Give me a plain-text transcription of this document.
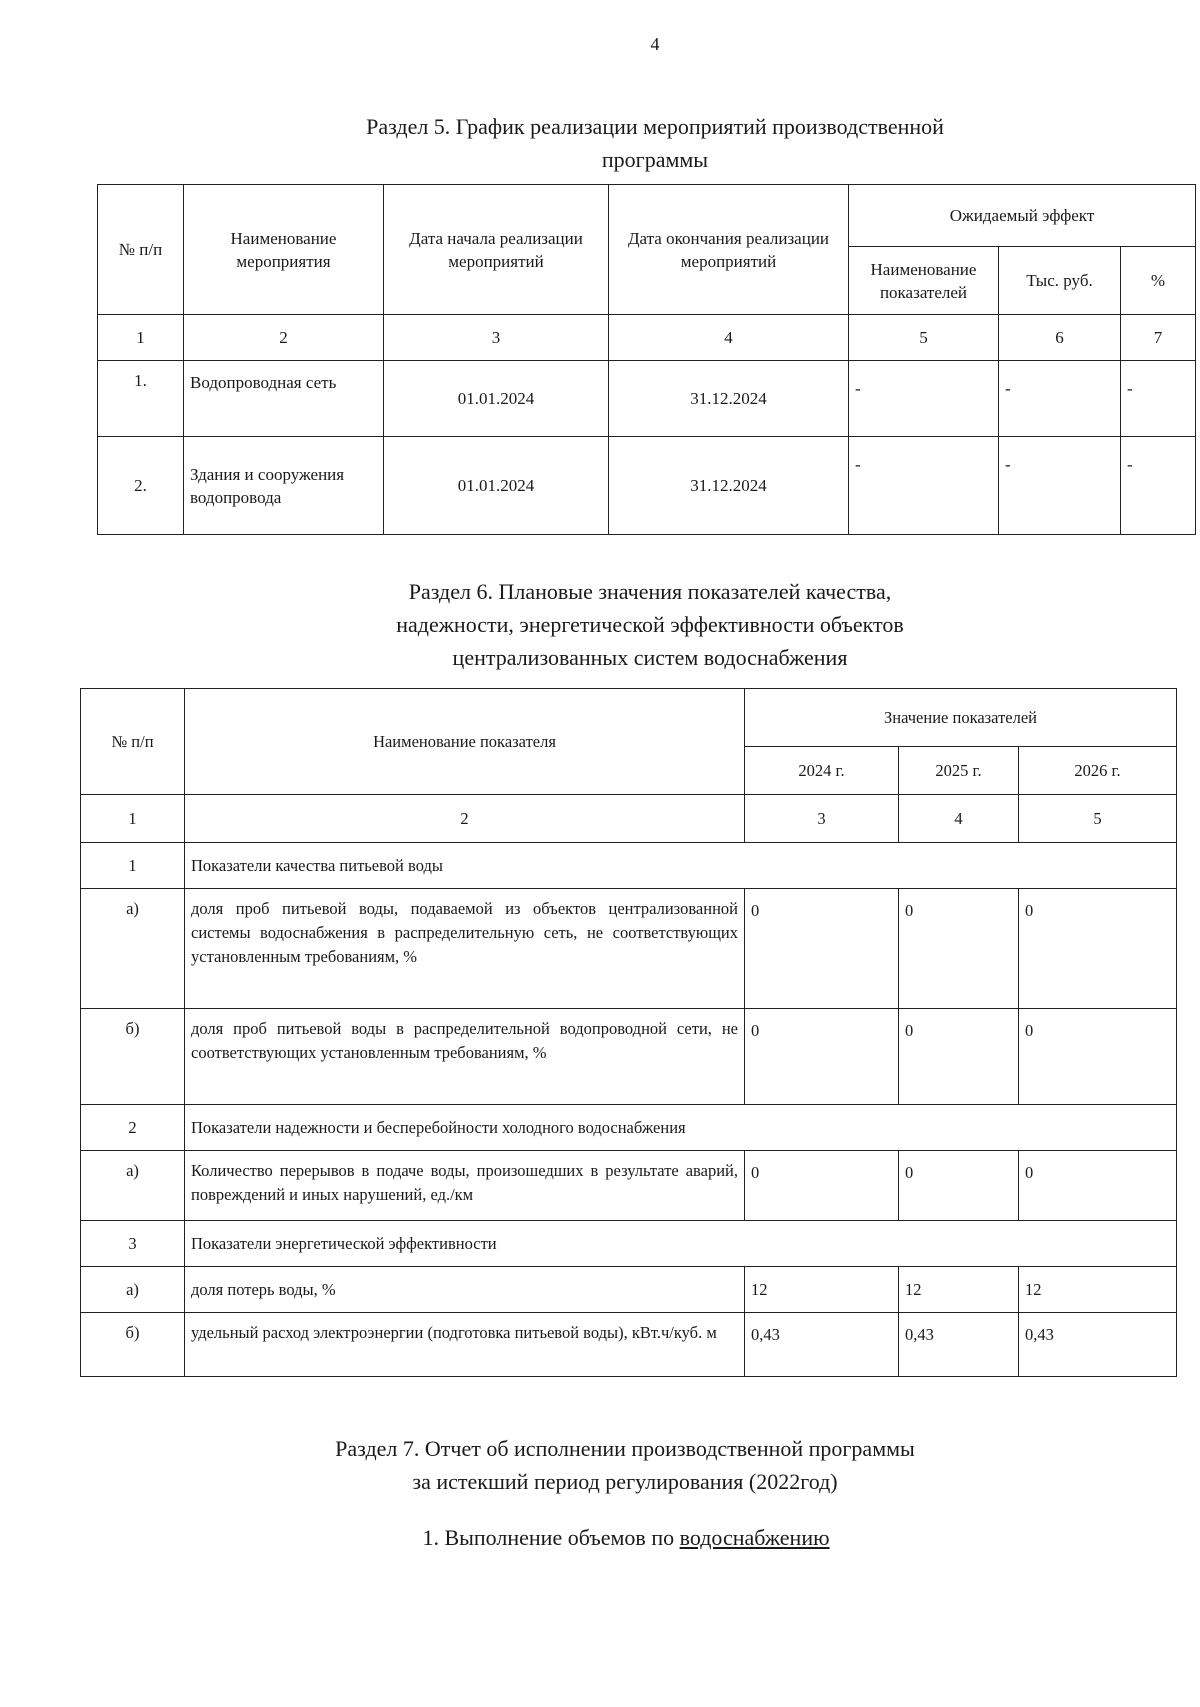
4
Раздел 5. График реализации мероприятий производственной
программы
№ п/п	Наименование мероприятия	Дата начала реализации мероприятий	Дата окончания реализации мероприятий	Ожидаемый эффект		
				Наименование показателей	Тыс. руб.	%
1	2	3	4	5	6	7
1.	Водопроводная сеть	01.01.2024	31.12.2024	-	-	-
2.	Здания и сооружения водопровода	01.01.2024	31.12.2024	-	-	-
Раздел 6. Плановые значения показателей качества,
надежности, энергетической эффективности объектов
централизованных систем водоснабжения
№ п/п	Наименование показателя	Значение показателей		
		2024 г.	2025 г.	2026 г.
1	2	3	4	5
1	Показатели качества питьевой воды			
а)	доля проб питьевой воды, подаваемой из объектов централизованной системы водоснабжения в распределительную сеть, не соответствующих установленным требованиям, %	0	0	0
б)	доля проб питьевой воды в распределительной водопроводной сети, не соответствующих установленным требованиям, %	0	0	0
2	Показатели надежности и бесперебойности холодного водоснабжения			
а)	Количество перерывов в подаче воды, произошедших в результате аварий, повреждений и иных нарушений, ед./км	0	0	0
3	Показатели энергетической эффективности			
а)	доля потерь воды, %	12	12	12
б)	удельный расход электроэнергии (подготовка питьевой воды), кВт.ч/куб. м	0,43	0,43	0,43
Раздел 7. Отчет об исполнении производственной программы
за истекший период регулирования (2022год)
1. Выполнение объемов по водоснабжению
